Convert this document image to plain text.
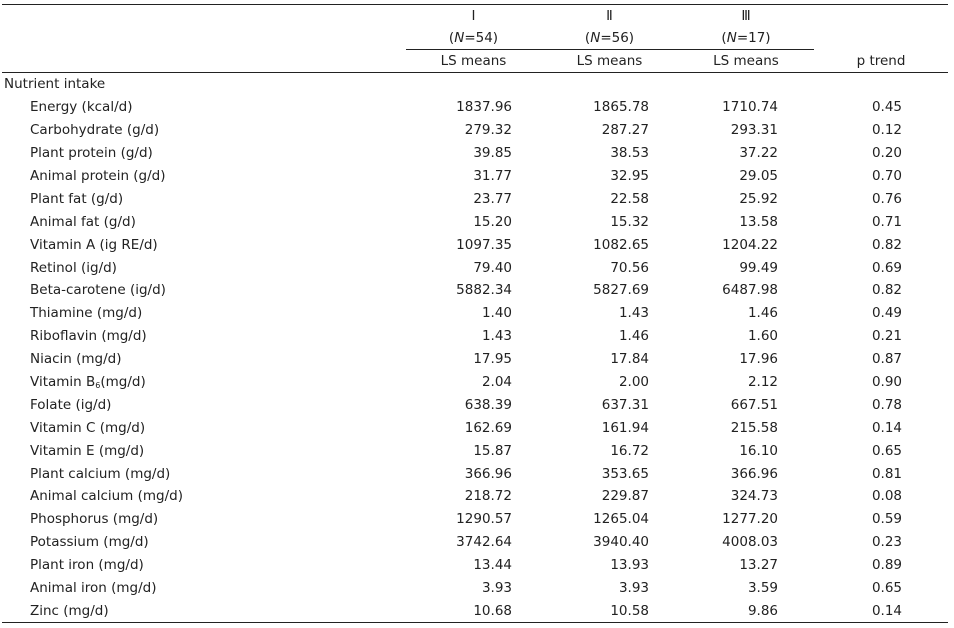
	Ⅰ	Ⅱ	Ⅲ	
	(N=54)	(N=56)	(N=17)	
	LS means	LS means	LS means	p trend
Nutrient intake				
Energy (kcal/d)	1837.96	1865.78	1710.74	0.45
Carbohydrate (g/d)	279.32	287.27	293.31	0.12
Plant protein (g/d)	39.85	38.53	37.22	0.20
Animal protein (g/d)	31.77	32.95	29.05	0.70
Plant fat (g/d)	23.77	22.58	25.92	0.76
Animal fat (g/d)	15.20	15.32	13.58	0.71
Vitamin A (ig RE/d)	1097.35	1082.65	1204.22	0.82
Retinol (ig/d)	79.40	70.56	99.49	0.69
Beta-carotene (ig/d)	5882.34	5827.69	6487.98	0.82
Thiamine (mg/d)	1.40	1.43	1.46	0.49
Riboflavin (mg/d)	1.43	1.46	1.60	0.21
Niacin (mg/d)	17.95	17.84	17.96	0.87
Vitamin $B_6(mg/d)$	2.04	2.00	2.12	0.90
Folate (ig/d)	638.39	637.31	667.51	0.78
Vitamin C (mg/d)	162.69	161.94	215.58	0.14
Vitamin E (mg/d)	15.87	16.72	16.10	0.65
Plant calcium (mg/d)	366.96	353.65	366.96	0.81
Animal calcium (mg/d)	218.72	229.87	324.73	0.08
Phosphorus (mg/d)	1290.57	1265.04	1277.20	0.59
Potassium (mg/d)	3742.64	3940.40	4008.03	0.23
Plant iron (mg/d)	13.44	13.93	13.27	0.89
Animal iron (mg/d)	3.93	3.93	3.59	0.65
Zinc (mg/d)	10.68	10.58	9.86	0.14
